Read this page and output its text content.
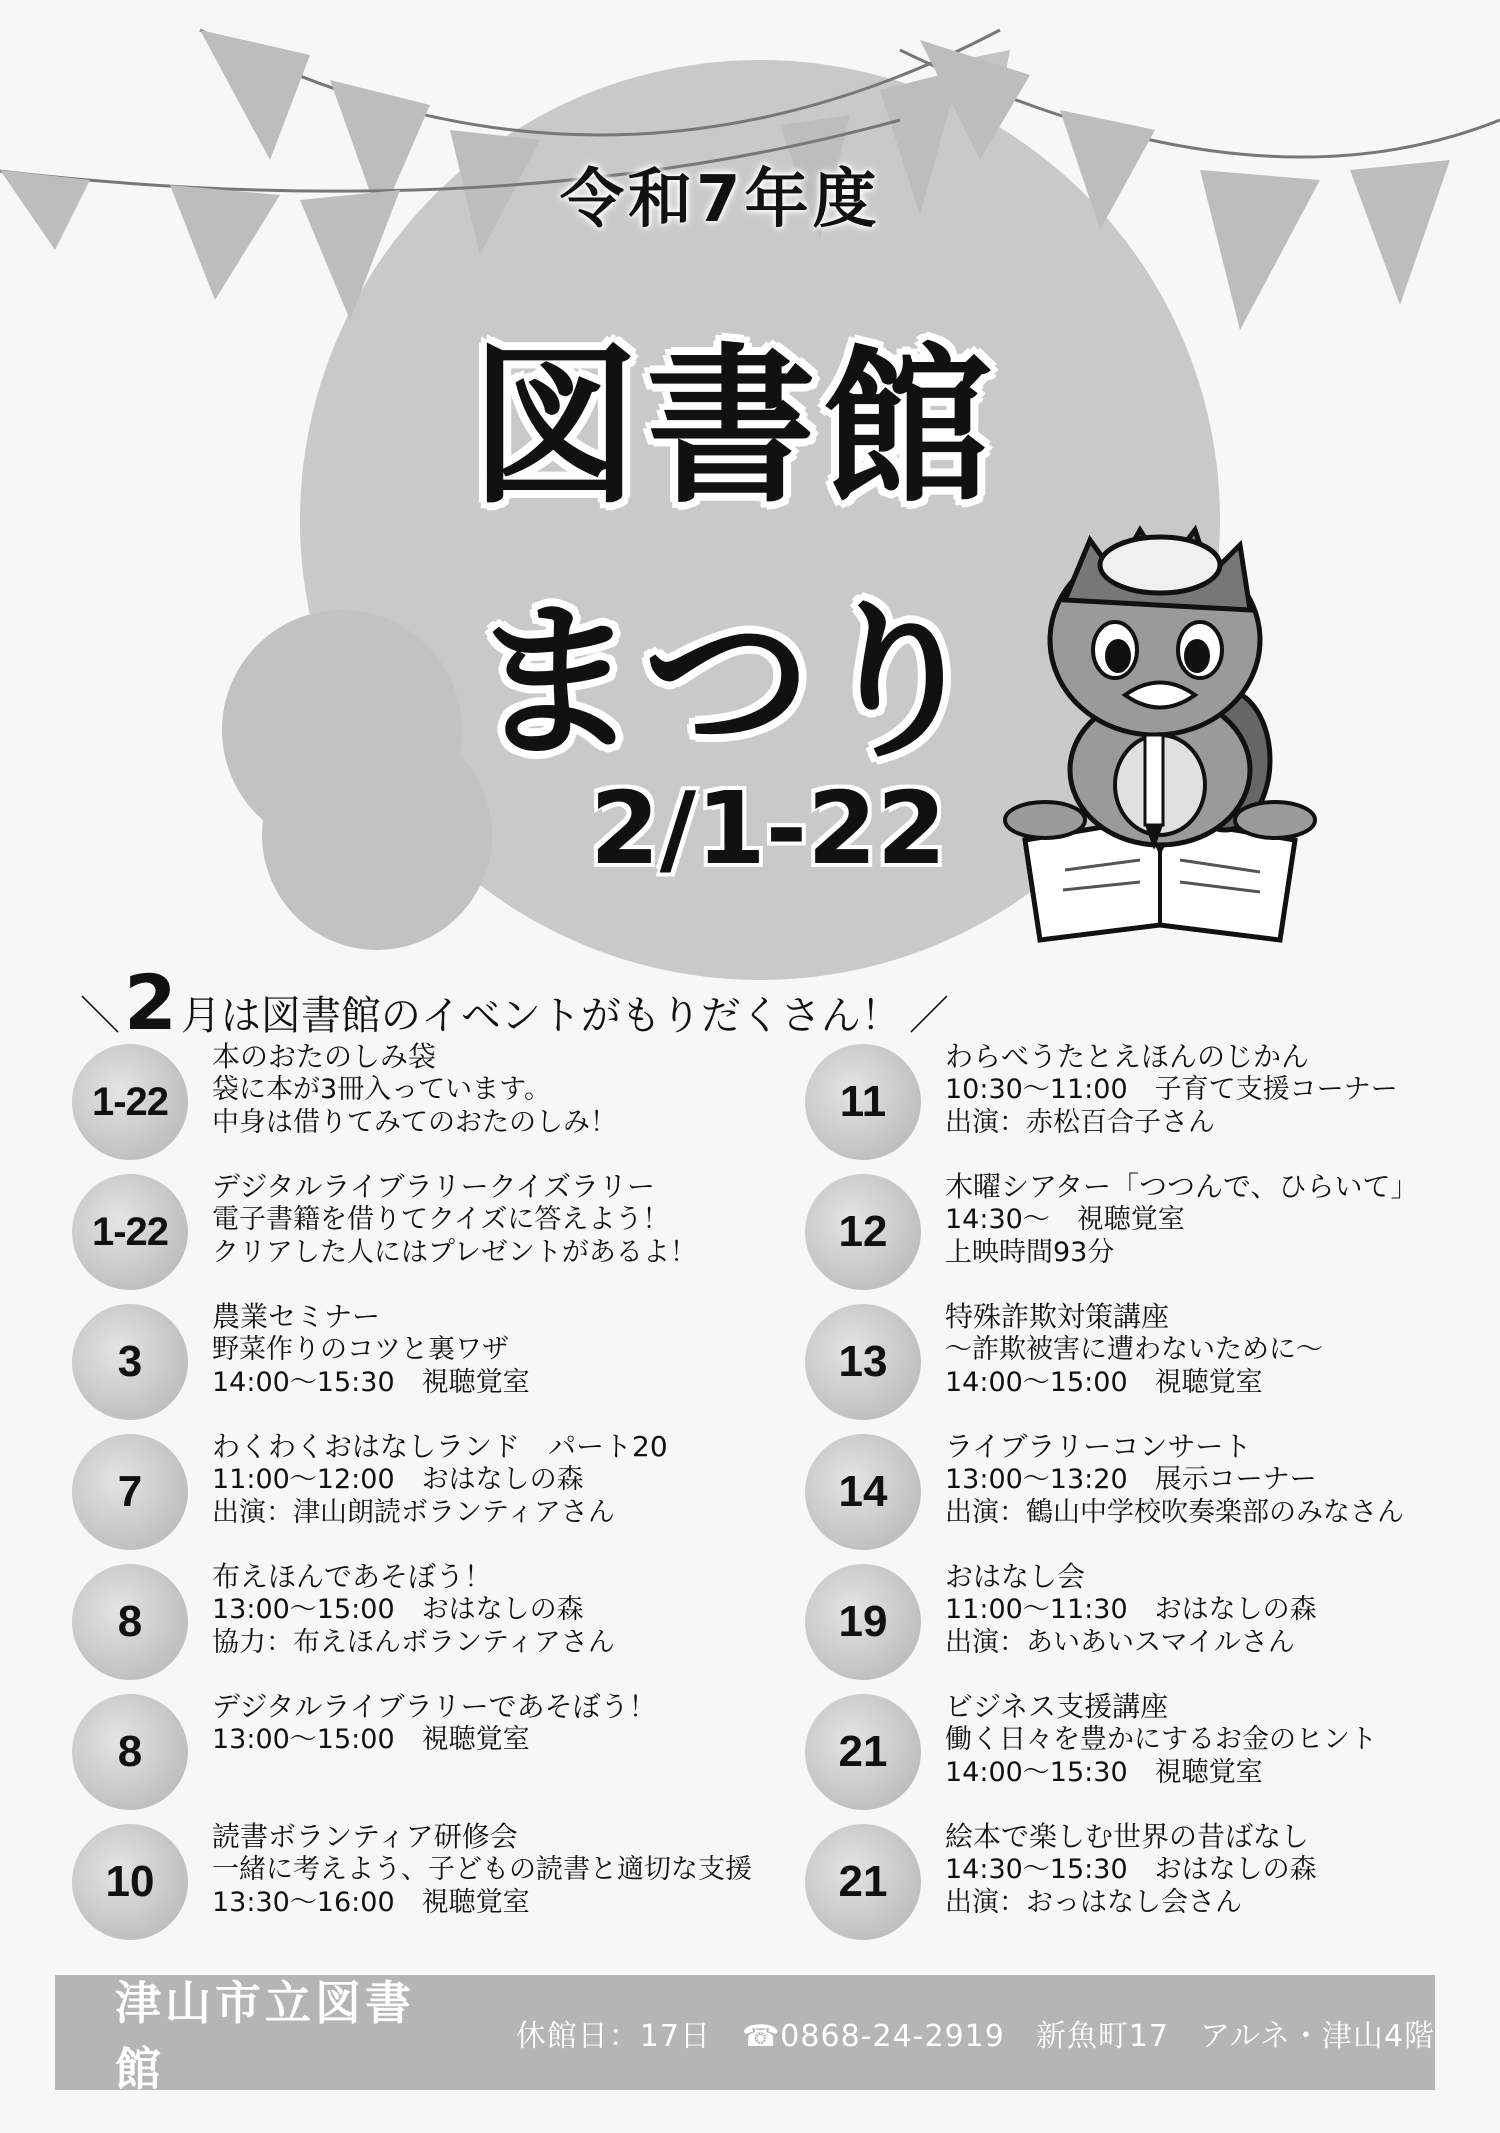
令和7年度
図書館
まつり
2/1-22
＼ 2 月は図書館のイベントがもりだくさん！ ／
1-22
本のおたのしみ袋
袋に本が3冊入っています。
中身は借りてみてのおたのしみ！
1-22
デジタルライブラリークイズラリー
電子書籍を借りてクイズに答えよう！
クリアした人にはプレゼントがあるよ！
3
農業セミナー
野菜作りのコツと裏ワザ
14:00～15:30　視聴覚室
7
わくわくおはなしランド　パート20
11:00～12:00　おはなしの森
出演：津山朗読ボランティアさん
8
布えほんであそぼう！
13:00～15:00　おはなしの森
協力：布えほんボランティアさん
8
デジタルライブラリーであそぼう！
13:00～15:00　視聴覚室
10
読書ボランティア研修会
一緒に考えよう、子どもの読書と適切な支援
13:30～16:00　視聴覚室
11
わらべうたとえほんのじかん
10:30～11:00　子育て支援コーナー
出演：赤松百合子さん
12
木曜シアター「つつんで、ひらいて」
14:30～　視聴覚室
上映時間93分
13
特殊詐欺対策講座
～詐欺被害に遭わないために～
14:00～15:00　視聴覚室
14
ライブラリーコンサート
13:00～13:20　展示コーナー
出演：鶴山中学校吹奏楽部のみなさん
19
おはなし会
11:00～11:30　おはなしの森
出演：あいあいスマイルさん
21
ビジネス支援講座
働く日々を豊かにするお金のヒント
14:00～15:30　視聴覚室
21
絵本で楽しむ世界の昔ばなし
14:30～15:30　おはなしの森
出演：おっはなし会さん
津山市立図書館
休館日：17日　☎0868-24-2919　新魚町17　アルネ・津山4階
